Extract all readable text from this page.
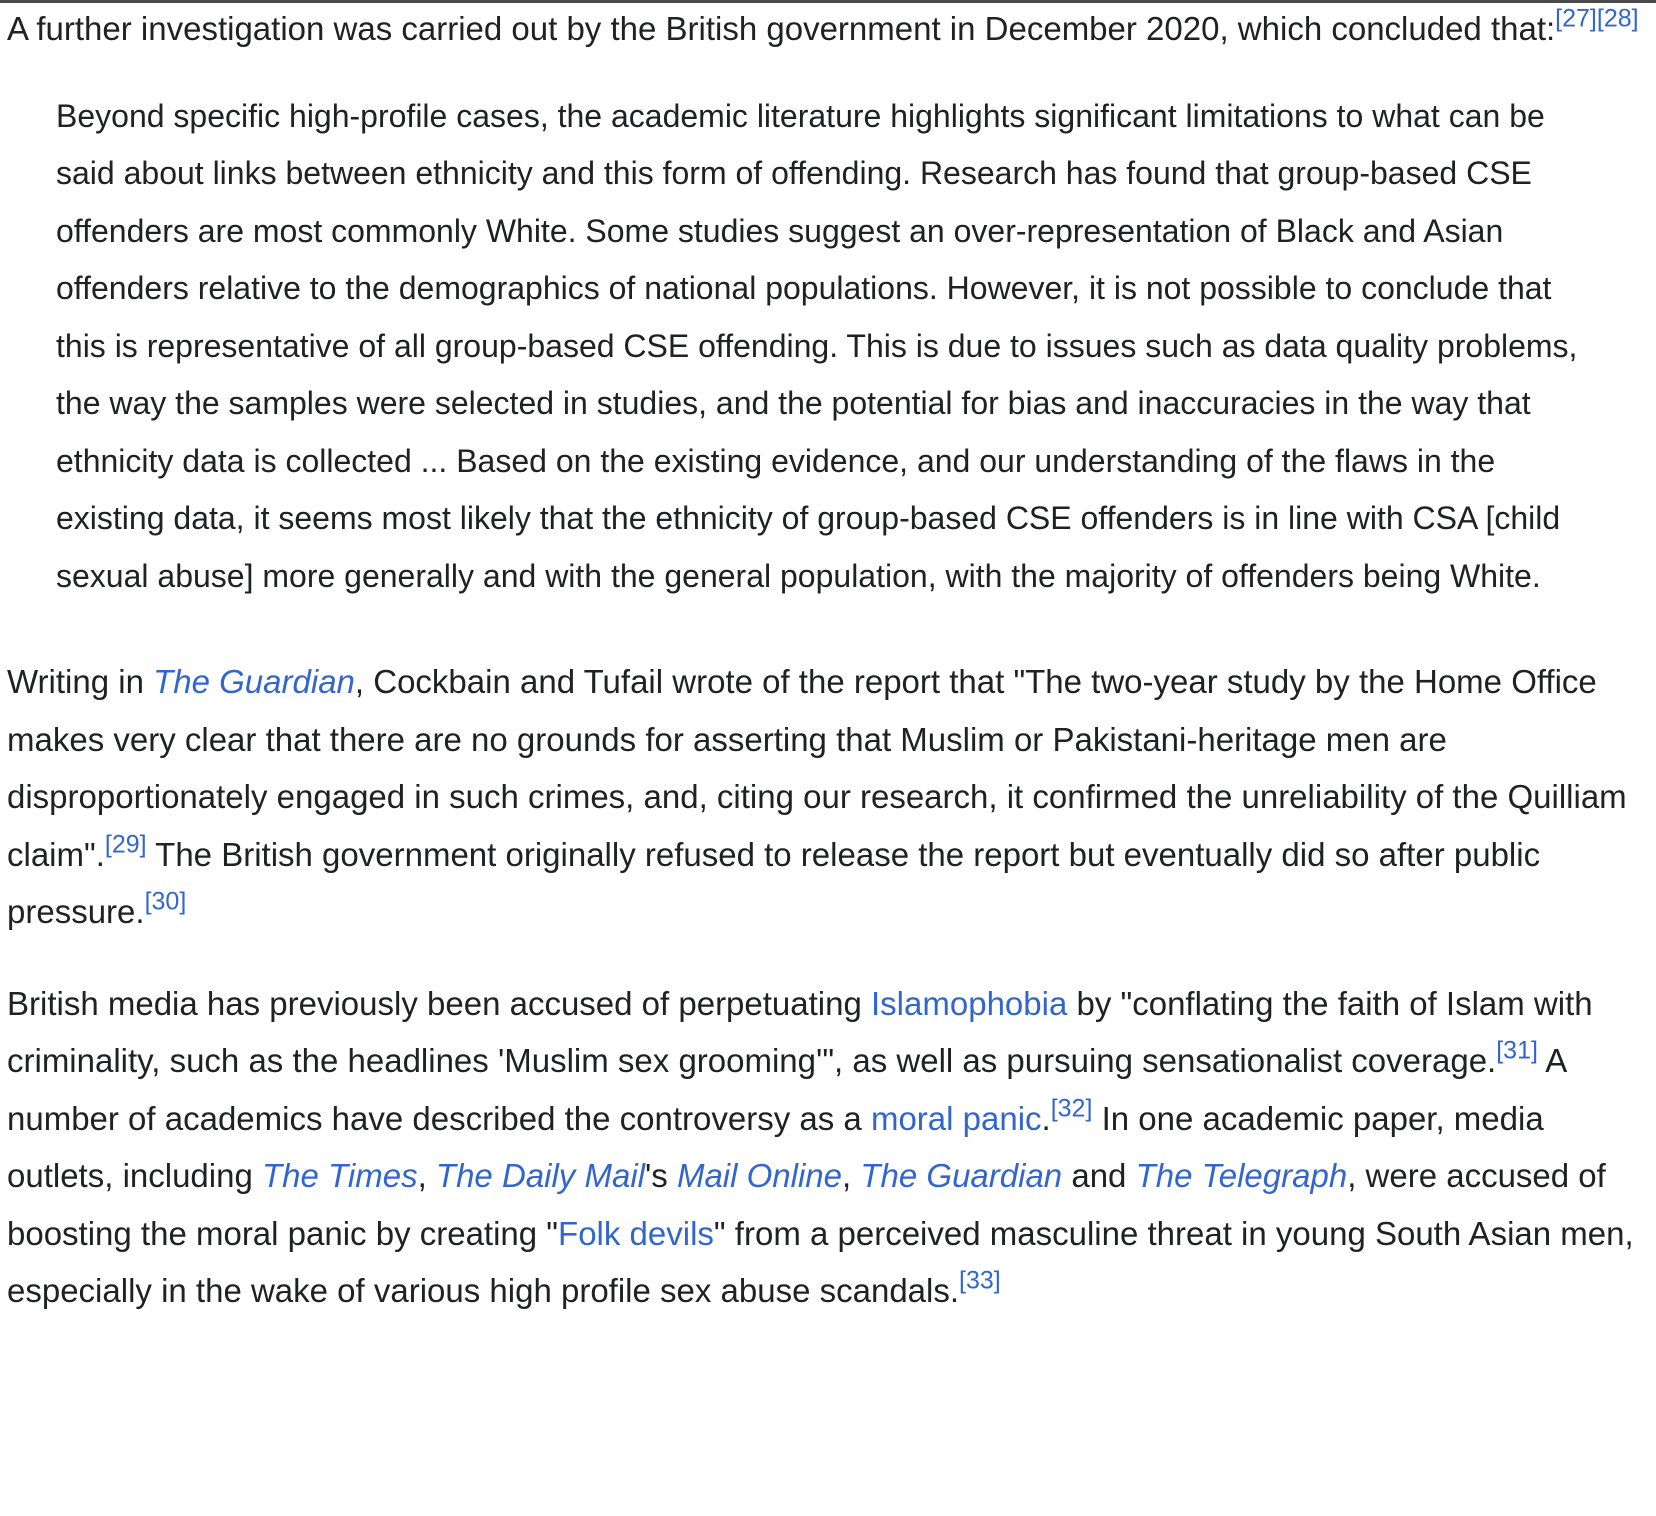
A further investigation was carried out by the British government in December 2020, which concluded that:[27][28]

Beyond specific high-profile cases, the academic literature highlights significant limitations to what can be said about links between ethnicity and this form of offending. Research has found that group-based CSE offenders are most commonly White. Some studies suggest an over-representation of Black and Asian offenders relative to the demographics of national populations. However, it is not possible to conclude that this is representative of all group-based CSE offending. This is due to issues such as data quality problems, the way the samples were selected in studies, and the potential for bias and inaccuracies in the way that ethnicity data is collected ... Based on the existing evidence, and our understanding of the flaws in the existing data, it seems most likely that the ethnicity of group-based CSE offenders is in line with CSA [child sexual abuse] more generally and with the general population, with the majority of offenders being White.

Writing in The Guardian, Cockbain and Tufail wrote of the report that "The two-year study by the Home Office makes very clear that there are no grounds for asserting that Muslim or Pakistani-heritage men are disproportionately engaged in such crimes, and, citing our research, it confirmed the unreliability of the Quilliam claim".[29] The British government originally refused to release the report but eventually did so after public pressure.[30]

British media has previously been accused of perpetuating Islamophobia by "conflating the faith of Islam with criminality, such as the headlines 'Muslim sex grooming'", as well as pursuing sensationalist coverage.[31] A number of academics have described the controversy as a moral panic.[32] In one academic paper, media outlets, including The Times, The Daily Mail's Mail Online, The Guardian and The Telegraph, were accused of boosting the moral panic by creating "Folk devils" from a perceived masculine threat in young South Asian men, especially in the wake of various high profile sex abuse scandals.[33]
